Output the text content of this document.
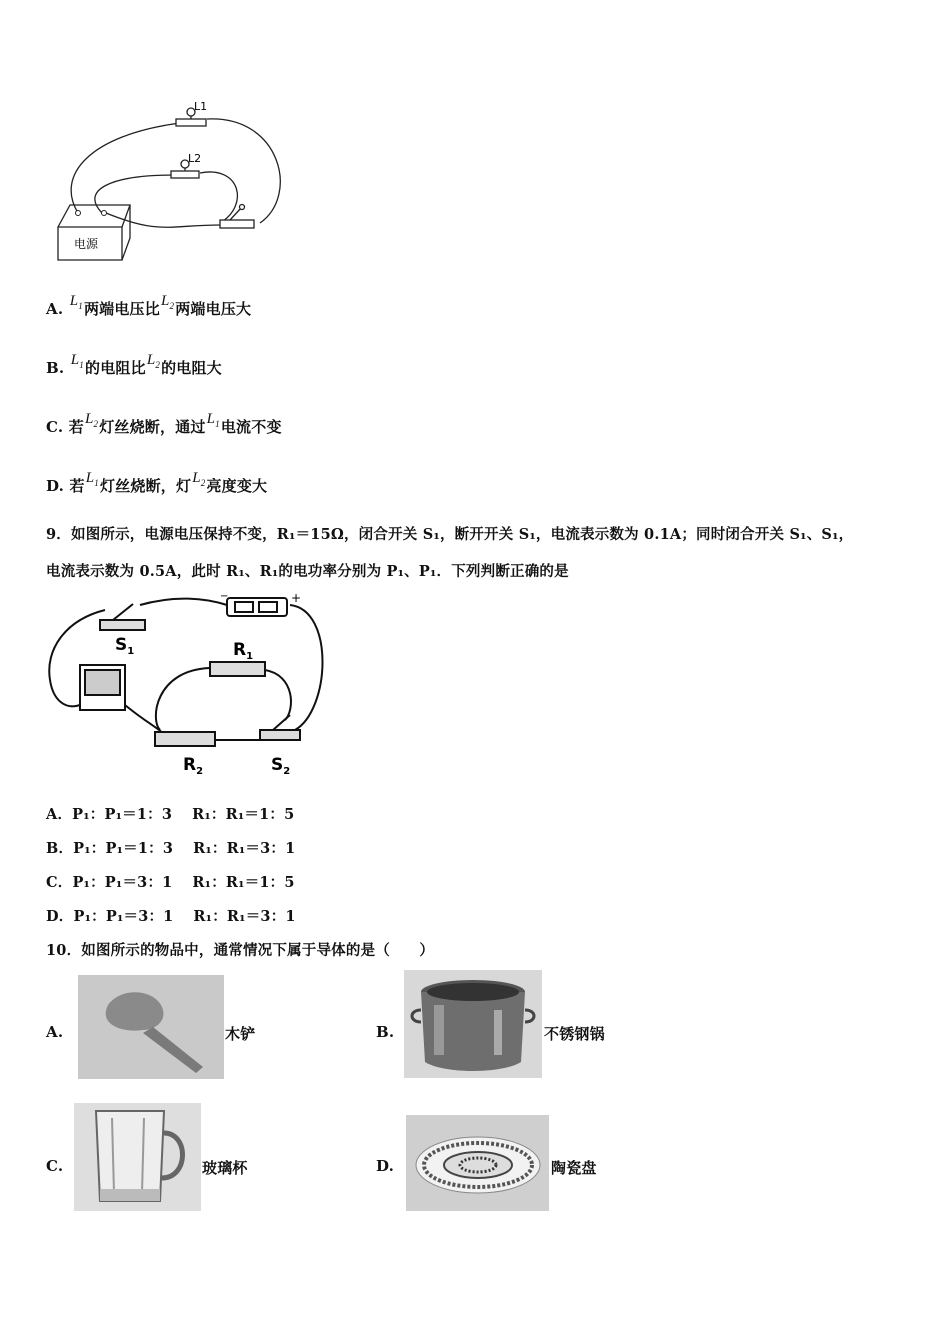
L1
L2
电源
A. $L_1$两端电压比$L_2$两端电压大
B. $L_1$的电阻比$L_2$的电阻大
C. 若$L_2$灯丝烧断，通过$L_1$电流不变
D. 若$L_1$灯丝烧断，灯$L_2$亮度变大
9．如图所示，电源电压保持不变，R₁＝15Ω，闭合开关 S₁，断开开关 S₁，电流表示数为 0.1A；同时闭合开关 S₁、S₁，
电流表示数为 0.5A，此时 R₁、R₁的电功率分别为 P₁、P₁．下列判断正确的是
−	+
$S_1$	$R_1$
$R_2$	$S_2$
A．P₁：P₁＝1：3　 R₁：R₁＝1：5
B．P₁：P₁＝1：3　 R₁：R₁＝3：1
C．P₁：P₁＝3：1　 R₁：R₁＝1：5
D．P₁：P₁＝3：1　 R₁：R₁＝3：1
10．如图所示的物品中，通常情况下属于导体的是（　　）
A.	木铲	B.	不锈钢锅
C.	玻璃杯	D.	陶瓷盘
